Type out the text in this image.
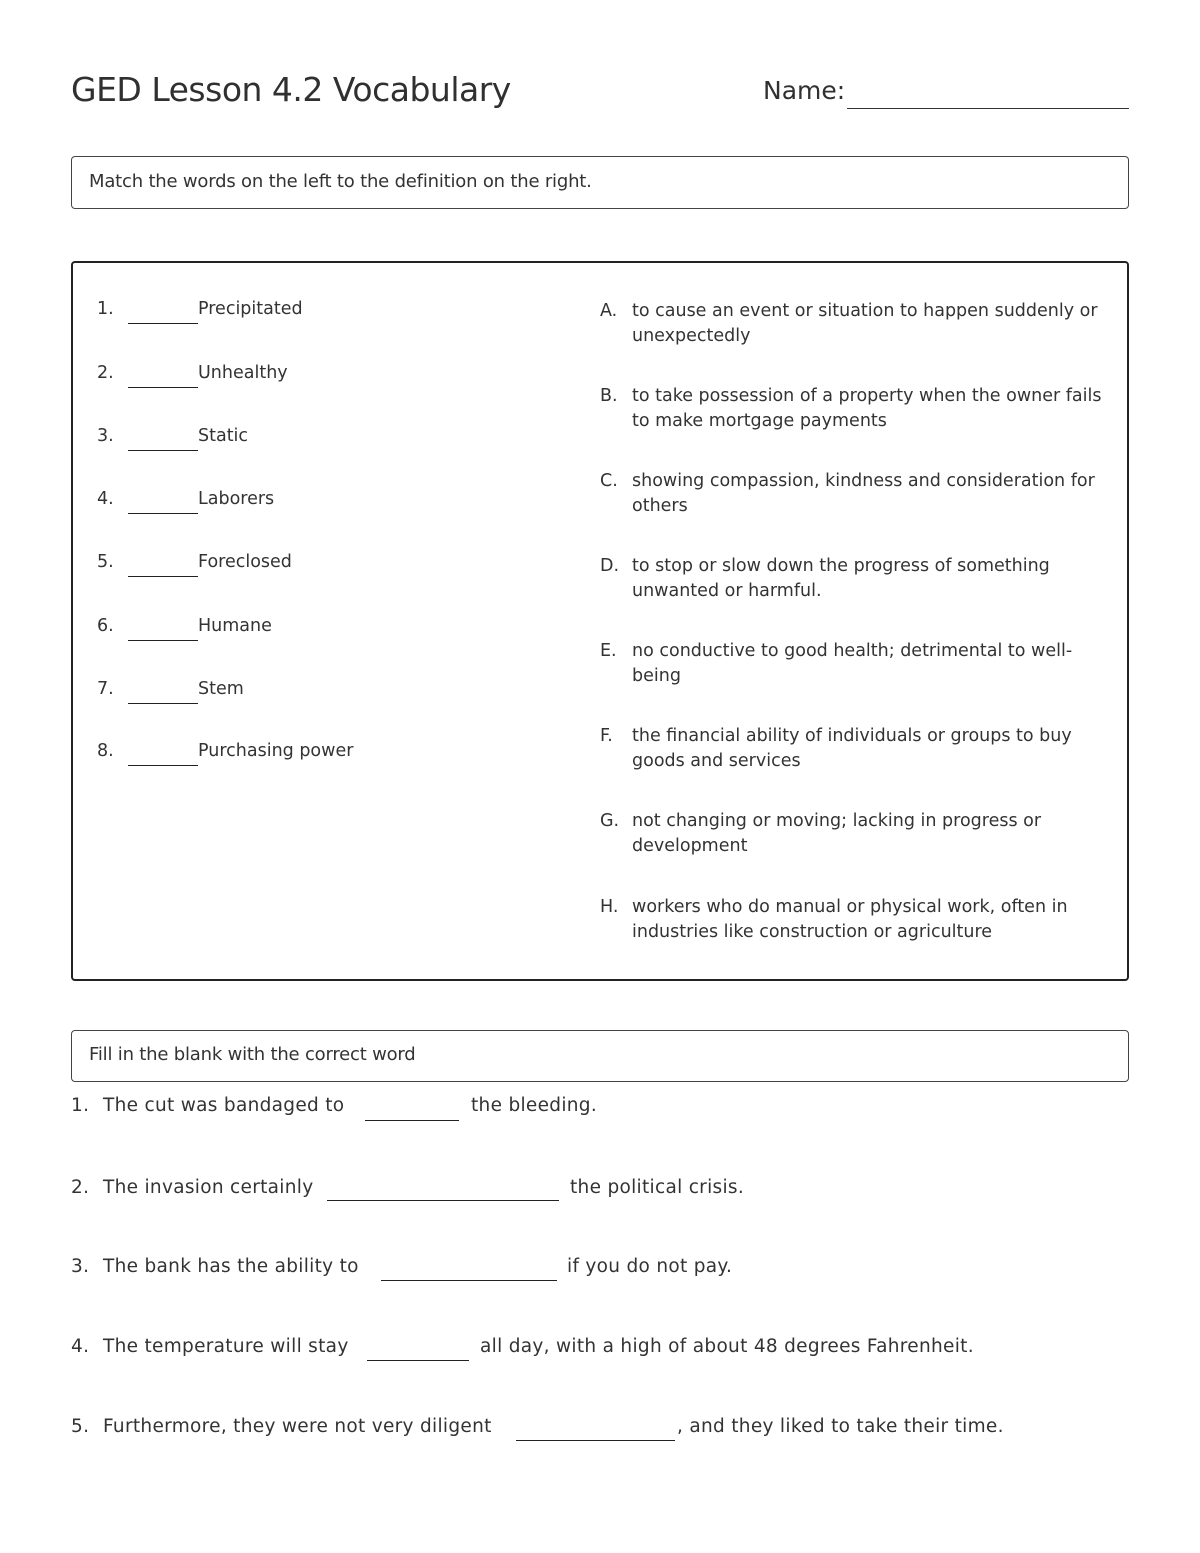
GED Lesson 4.2 Vocabulary	Name:
Match the words on the left to the definition on the right.
1.	Precipitated
2.	Unhealthy
3.	Static
4.	Laborers
5.	Foreclosed
6.	Humane
7.	Stem
8.	Purchasing power
A. to cause an event or situation to happen suddenly or unexpectedly
B. to take possession of a property when the owner fails to make mortgage payments
C. showing compassion, kindness and consideration for others
D. to stop or slow down the progress of something unwanted or harmful.
E. no conductive to good health; detrimental to well-being
F. the financial ability of individuals or groups to buy goods and services
G. not changing or moving; lacking in progress or development
H. workers who do manual or physical work, often in industries like construction or agriculture
Fill in the blank with the correct word
1. The cut was bandaged to	the bleeding.
2. The invasion certainly	the political crisis.
3. The bank has the ability to	if you do not pay.
4. The temperature will stay	all day, with a high of about 48 degrees Fahrenheit.
5. Furthermore, they were not very diligent	, and they liked to take their time.
